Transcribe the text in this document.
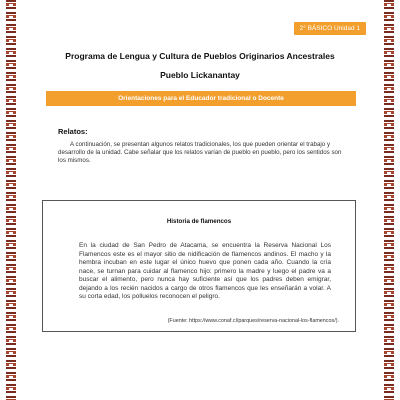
2° BÁSICO Unidad 1
Programa de Lengua y Cultura de Pueblos Originarios Ancestrales
Pueblo Lickanantay
Orientaciones para el Educador tradicional o Docente
Relatos:
A continuación, se presentan algunos relatos tradicionales, los que pueden orientar el trabajo y desarrollo de la unidad. Cabe señalar que los relatos varían de pueblo en pueblo, pero los sentidos son los mismos.
Historia de flamencos
En la ciudad de San Pedro de Atacama, se encuentra la Reserva Nacional Los Flamencos este es el mayor sitio de nidificación de flamencos andinos. El macho y la hembra incuban en este lugar el único huevo que ponen cada año. Cuando la cría nace, se turnan para cuidar al flamenco hijo: primero la madre y luego el padre va a buscar el alimento, pero nunca hay suficiente así que los padres deben emigrar, dejando a los recién nacidos a cargo de otros flamencos que les enseñarán a volar. A su corta edad, los polluelos reconocen el peligro.
(Fuente: https://www.conaf.cl/parques/reserva-nacional-los-flamencos/).
